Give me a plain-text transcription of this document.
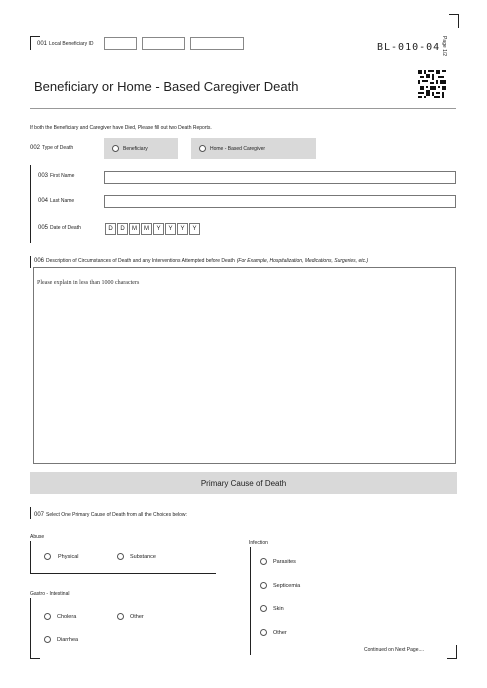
001 Local Beneficiary ID	BL-010-04 Page 1/2
Beneficiary or Home - Based Caregiver Death
If both the Beneficiary and Caregiver have Died, Please fill out two Death Reports.
002 Type of Death	Beneficiary	Home - Based Caregiver
003 First Name
004 Last Name
005 Date of Death	D	D	M	M	Y	Y	Y	Y
006 Description of Circumstances of Death and any Interventions Attempted before Death (For Example, Hospitalization, Medications, Surgeries, etc.)
Please explain in less than 1000 characters
Primary Cause of Death
007 Select One Primary Cause of Death from all the Choices below:
Abuse
Physical	Substance
Gastro - Intestinal
Cholera	Other
Diarrhea
Infection
Parasites
Septicemia
Skin
Other
Continued on Next Page....
